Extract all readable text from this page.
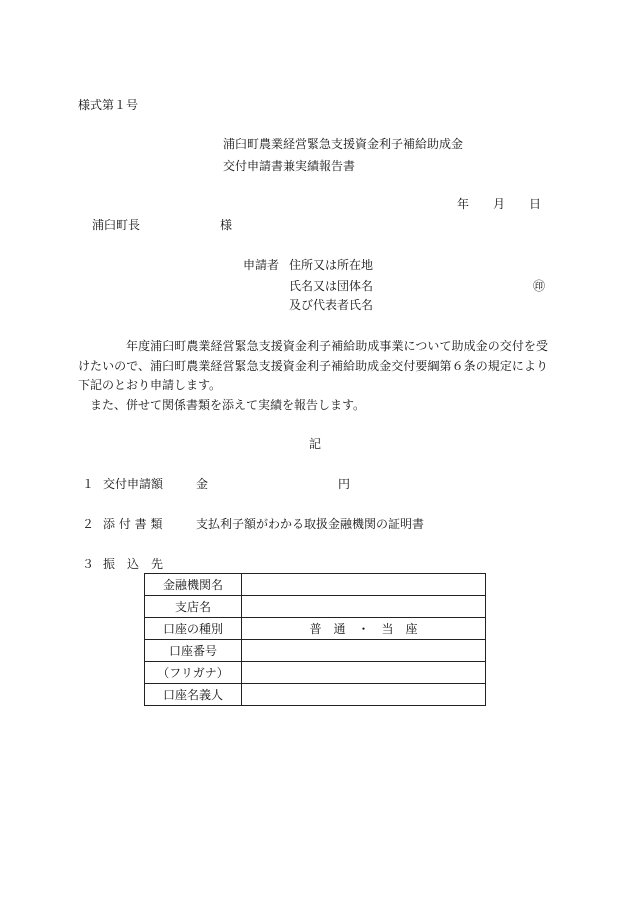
様式第１号
浦臼町農業経営緊急支援資金利子補給助成金
交付申請書兼実績報告書
年 月 日
浦臼町長	様
申請者 住所又は所在地
氏名又は団体名	㊞
及び代表者氏名

年度浦臼町農業経営緊急支援資金利子補給助成事業について助成金の交付を受けたいので、浦臼町農業経営緊急支援資金利子補給助成金交付要綱第６条の規定により下記のとおり申請します。

また、併せて関係書類を添えて実績を報告します。

記
１ 交付申請額	金	円
２ 添 付 書 類	支払利子額がわかる取扱金融機関の証明書
３ 振　込　先
金融機関名	
支店名	
口座の種別	普　通　・　当　座
口座番号	
（フリガナ）	
口座名義人	
